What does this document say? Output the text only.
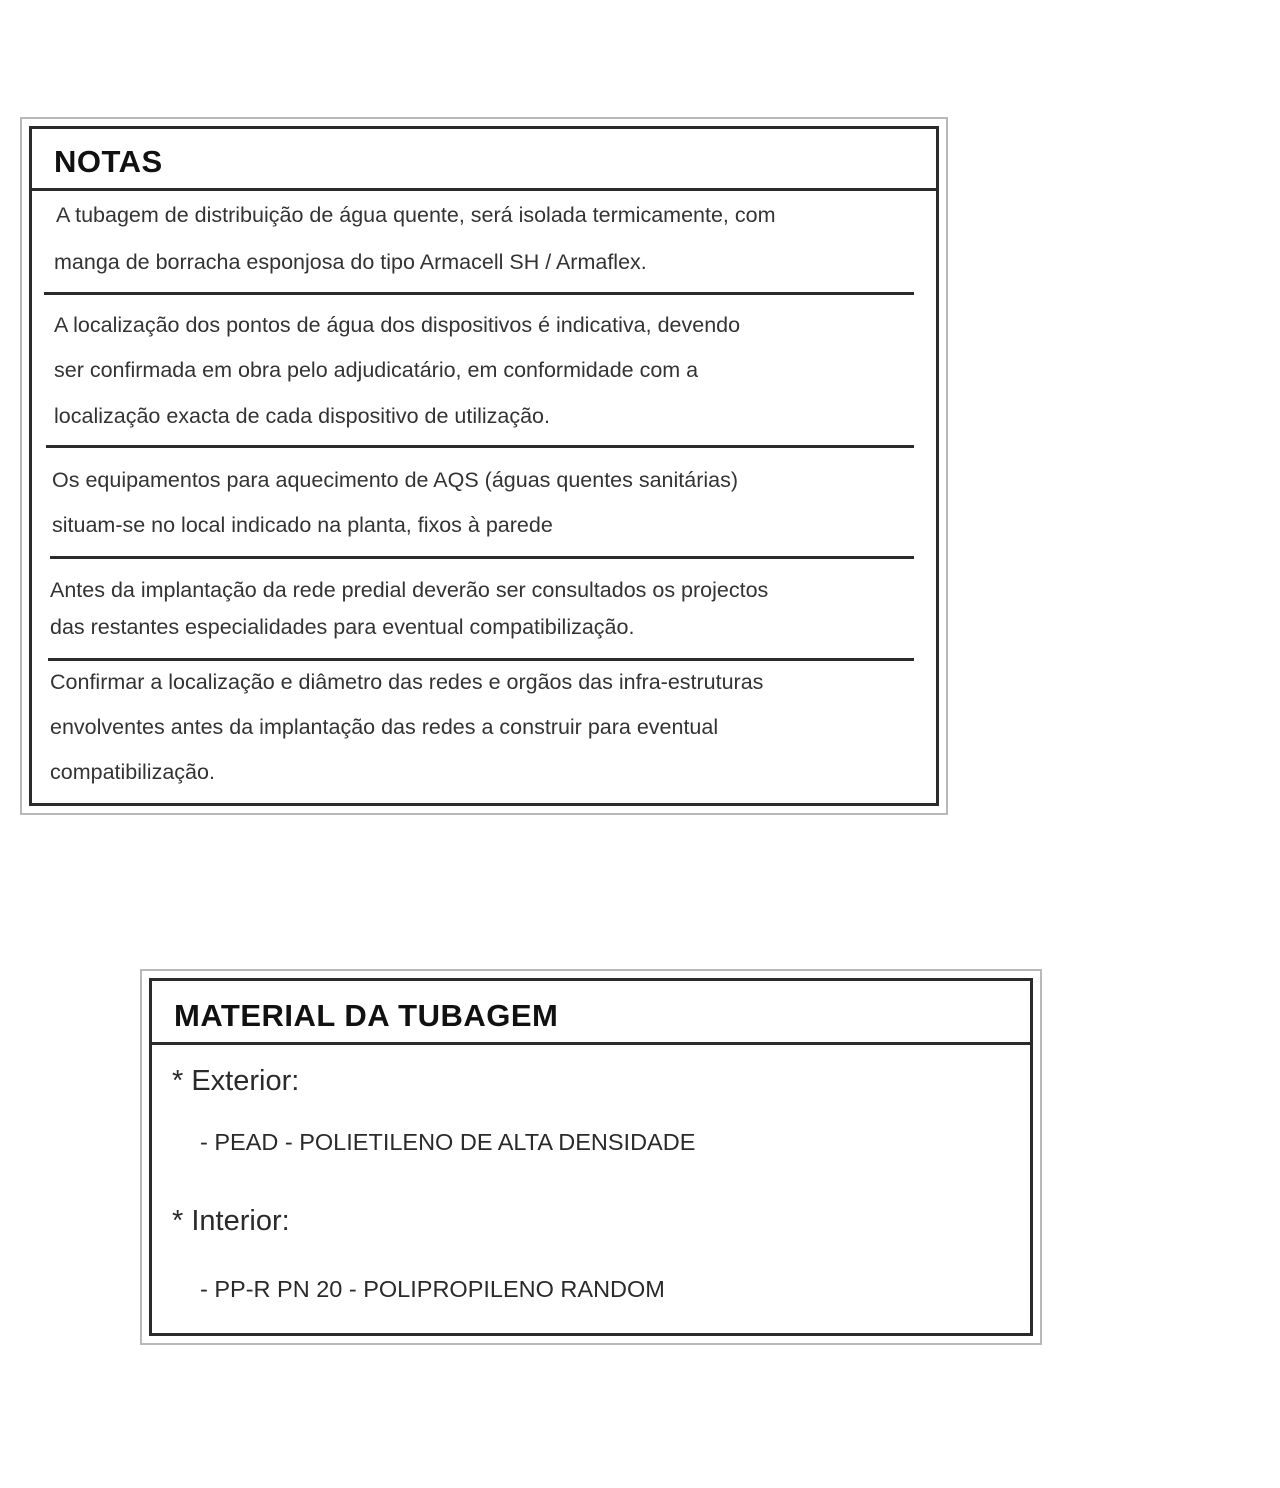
NOTAS
A tubagem de distribuição de água quente, será isolada termicamente, com
manga de borracha esponjosa do tipo Armacell SH / Armaflex.
A localização dos pontos de água dos dispositivos é indicativa, devendo
ser confirmada em obra pelo adjudicatário, em conformidade com a
localização exacta de cada dispositivo de utilização.
Os equipamentos para aquecimento de AQS (águas quentes sanitárias)
situam-se no local indicado na planta, fixos à parede
Antes da implantação da rede predial deverão ser consultados os projectos
das restantes especialidades para eventual compatibilização.
Confirmar a localização e diâmetro das redes e orgãos das infra-estruturas
envolventes antes da implantação das redes a construir para eventual
compatibilização.
MATERIAL DA TUBAGEM
* Exterior:
- PEAD - POLIETILENO DE ALTA DENSIDADE
* Interior:
- PP-R PN 20 - POLIPROPILENO RANDOM
